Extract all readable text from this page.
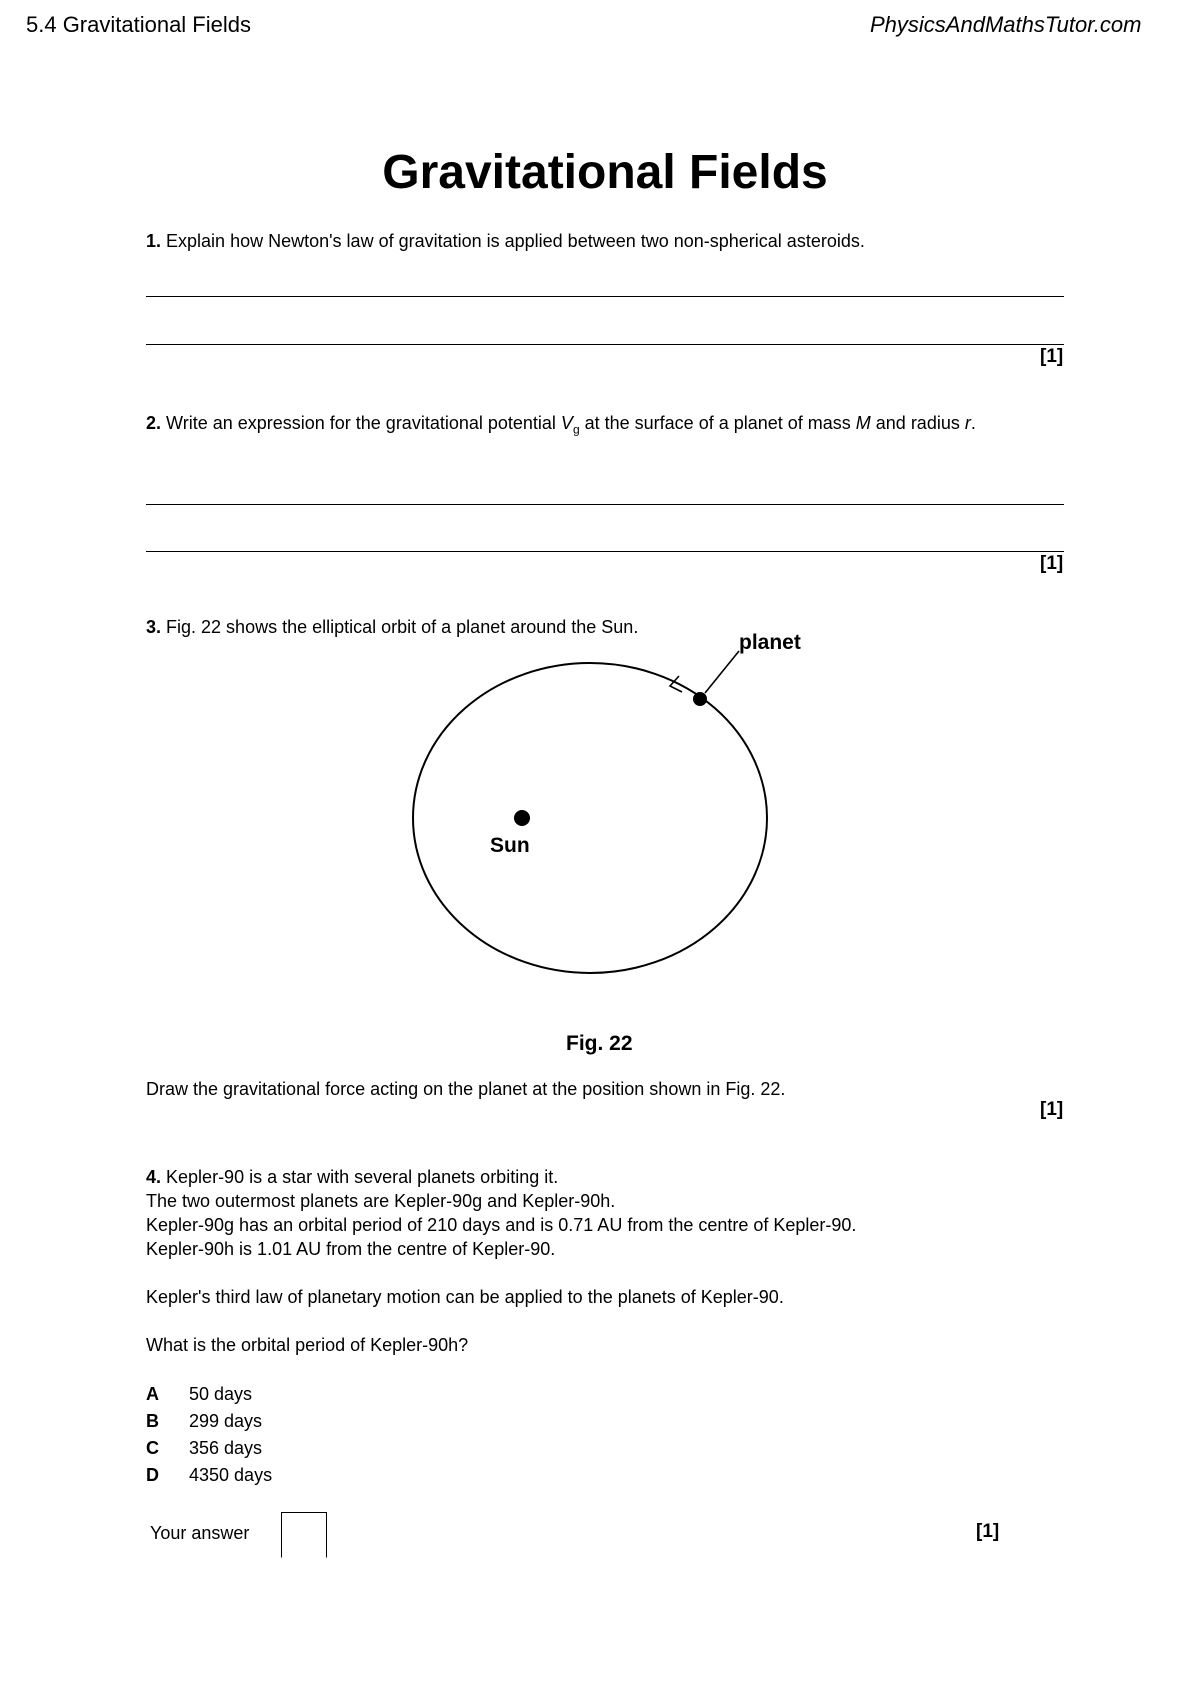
5.4 Gravitational Fields	PhysicsAndMathsTutor.com
Gravitational Fields
1. Explain how Newton's law of gravitation is applied between two non-spherical asteroids.
[1]
2. Write an expression for the gravitational potential $V_g$ at the surface of a planet of mass M and radius r.
[1]
3. Fig. 22 shows the elliptical orbit of a planet around the Sun.
planet
Sun
Fig. 22
Draw the gravitational force acting on the planet at the position shown in Fig. 22.
[1]

4. Kepler-90 is a star with several planets orbiting it.

The two outermost planets are Kepler-90g and Kepler-90h.

Kepler-90g has an orbital period of 210 days and is 0.71 AU from the centre of Kepler-90.

Kepler-90h is 1.01 AU from the centre of Kepler-90.

Kepler's third law of planetary motion can be applied to the planets of Kepler-90.

What is the orbital period of Kepler-90h?

A 50 days
B 299 days
C 356 days
D 4350 days
Your answer	[1]
